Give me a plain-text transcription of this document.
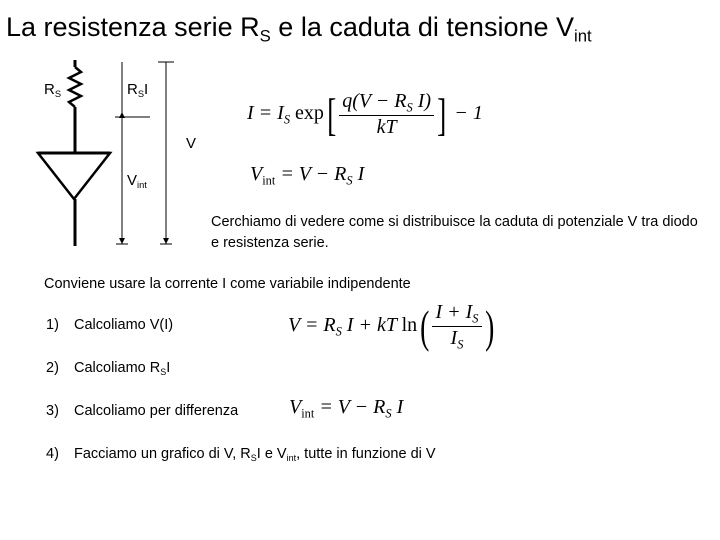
La resistenza serie $R_S$ e la caduta di tensione $V_{int}$
$R_S$	$R_SI$
V
$V_{int}$
$I = I_S$ $\exp[ \frac{q(V - R_S I)}{kT}$ ] − 1
$V_{int} = V - R_S$ I
Cerchiamo di vedere come si distribuisce la caduta di potenziale V tra diodo e resistenza serie.
Conviene usare la corrente I come variabile indipendente
1) Calcoliamo V(I)
2) Calcoliamo $R_SI$
3) Calcoliamo per differenza
4) Facciamo un grafico di V, $R_SI$ e $V_{int}$, tutte in funzione di V
$V = R_S$ I + kT $\ln( \frac{I + I_S}{I_S}$ )
$V_{int} = V - R_S$ I
